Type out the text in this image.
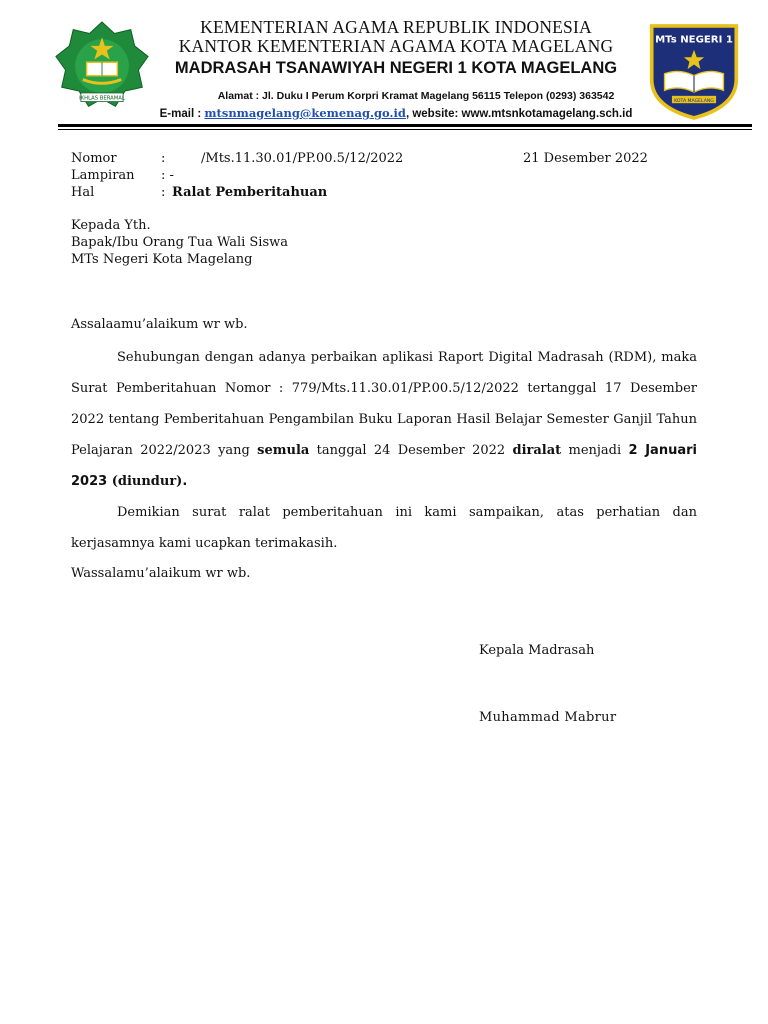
IKHLAS BERAMAL
KEMENTERIAN AGAMA REPUBLIK INDONESIA
KANTOR KEMENTERIAN AGAMA KOTA MAGELANG
MADRASAH TSANAWIYAH NEGERI 1 KOTA MAGELANG
Alamat : Jl. Duku I Perum Korpri Kramat Magelang 56115 Telepon (0293) 363542
E-mail : mtsnmagelang@kemenag.go.id, website: www.mtsnkotamagelang.sch.id
MTs NEGERI 1
KOTA MAGELANG
Nomor	:	/Mts.11.30.01/PP.00.5/12/2022
Lampiran : -
Hal	: Ralat Pemberitahuan
21 Desember 2022
Kepada Yth.
Bapak/Ibu Orang Tua Wali Siswa
MTs Negeri Kota Magelang
Assalaamu’alaikum wr wb.
Sehubungan dengan adanya perbaikan aplikasi Raport Digital Madrasah (RDM), maka Surat Pemberitahuan Nomor : 779/Mts.11.30.01/PP.00.5/12/2022 tertanggal 17 Desember 2022 tentang Pemberitahuan Pengambilan Buku Laporan Hasil Belajar Semester Ganjil Tahun Pelajaran 2022/2023 yang semula tanggal 24 Desember 2022 diralat menjadi 2 Januari 2023 (diundur).
Demikian surat ralat pemberitahuan ini kami sampaikan, atas perhatian dan kerjasamnya kami ucapkan terimakasih.
Wassalamu’alaikum wr wb.
Kepala Madrasah
Muhammad Mabrur
